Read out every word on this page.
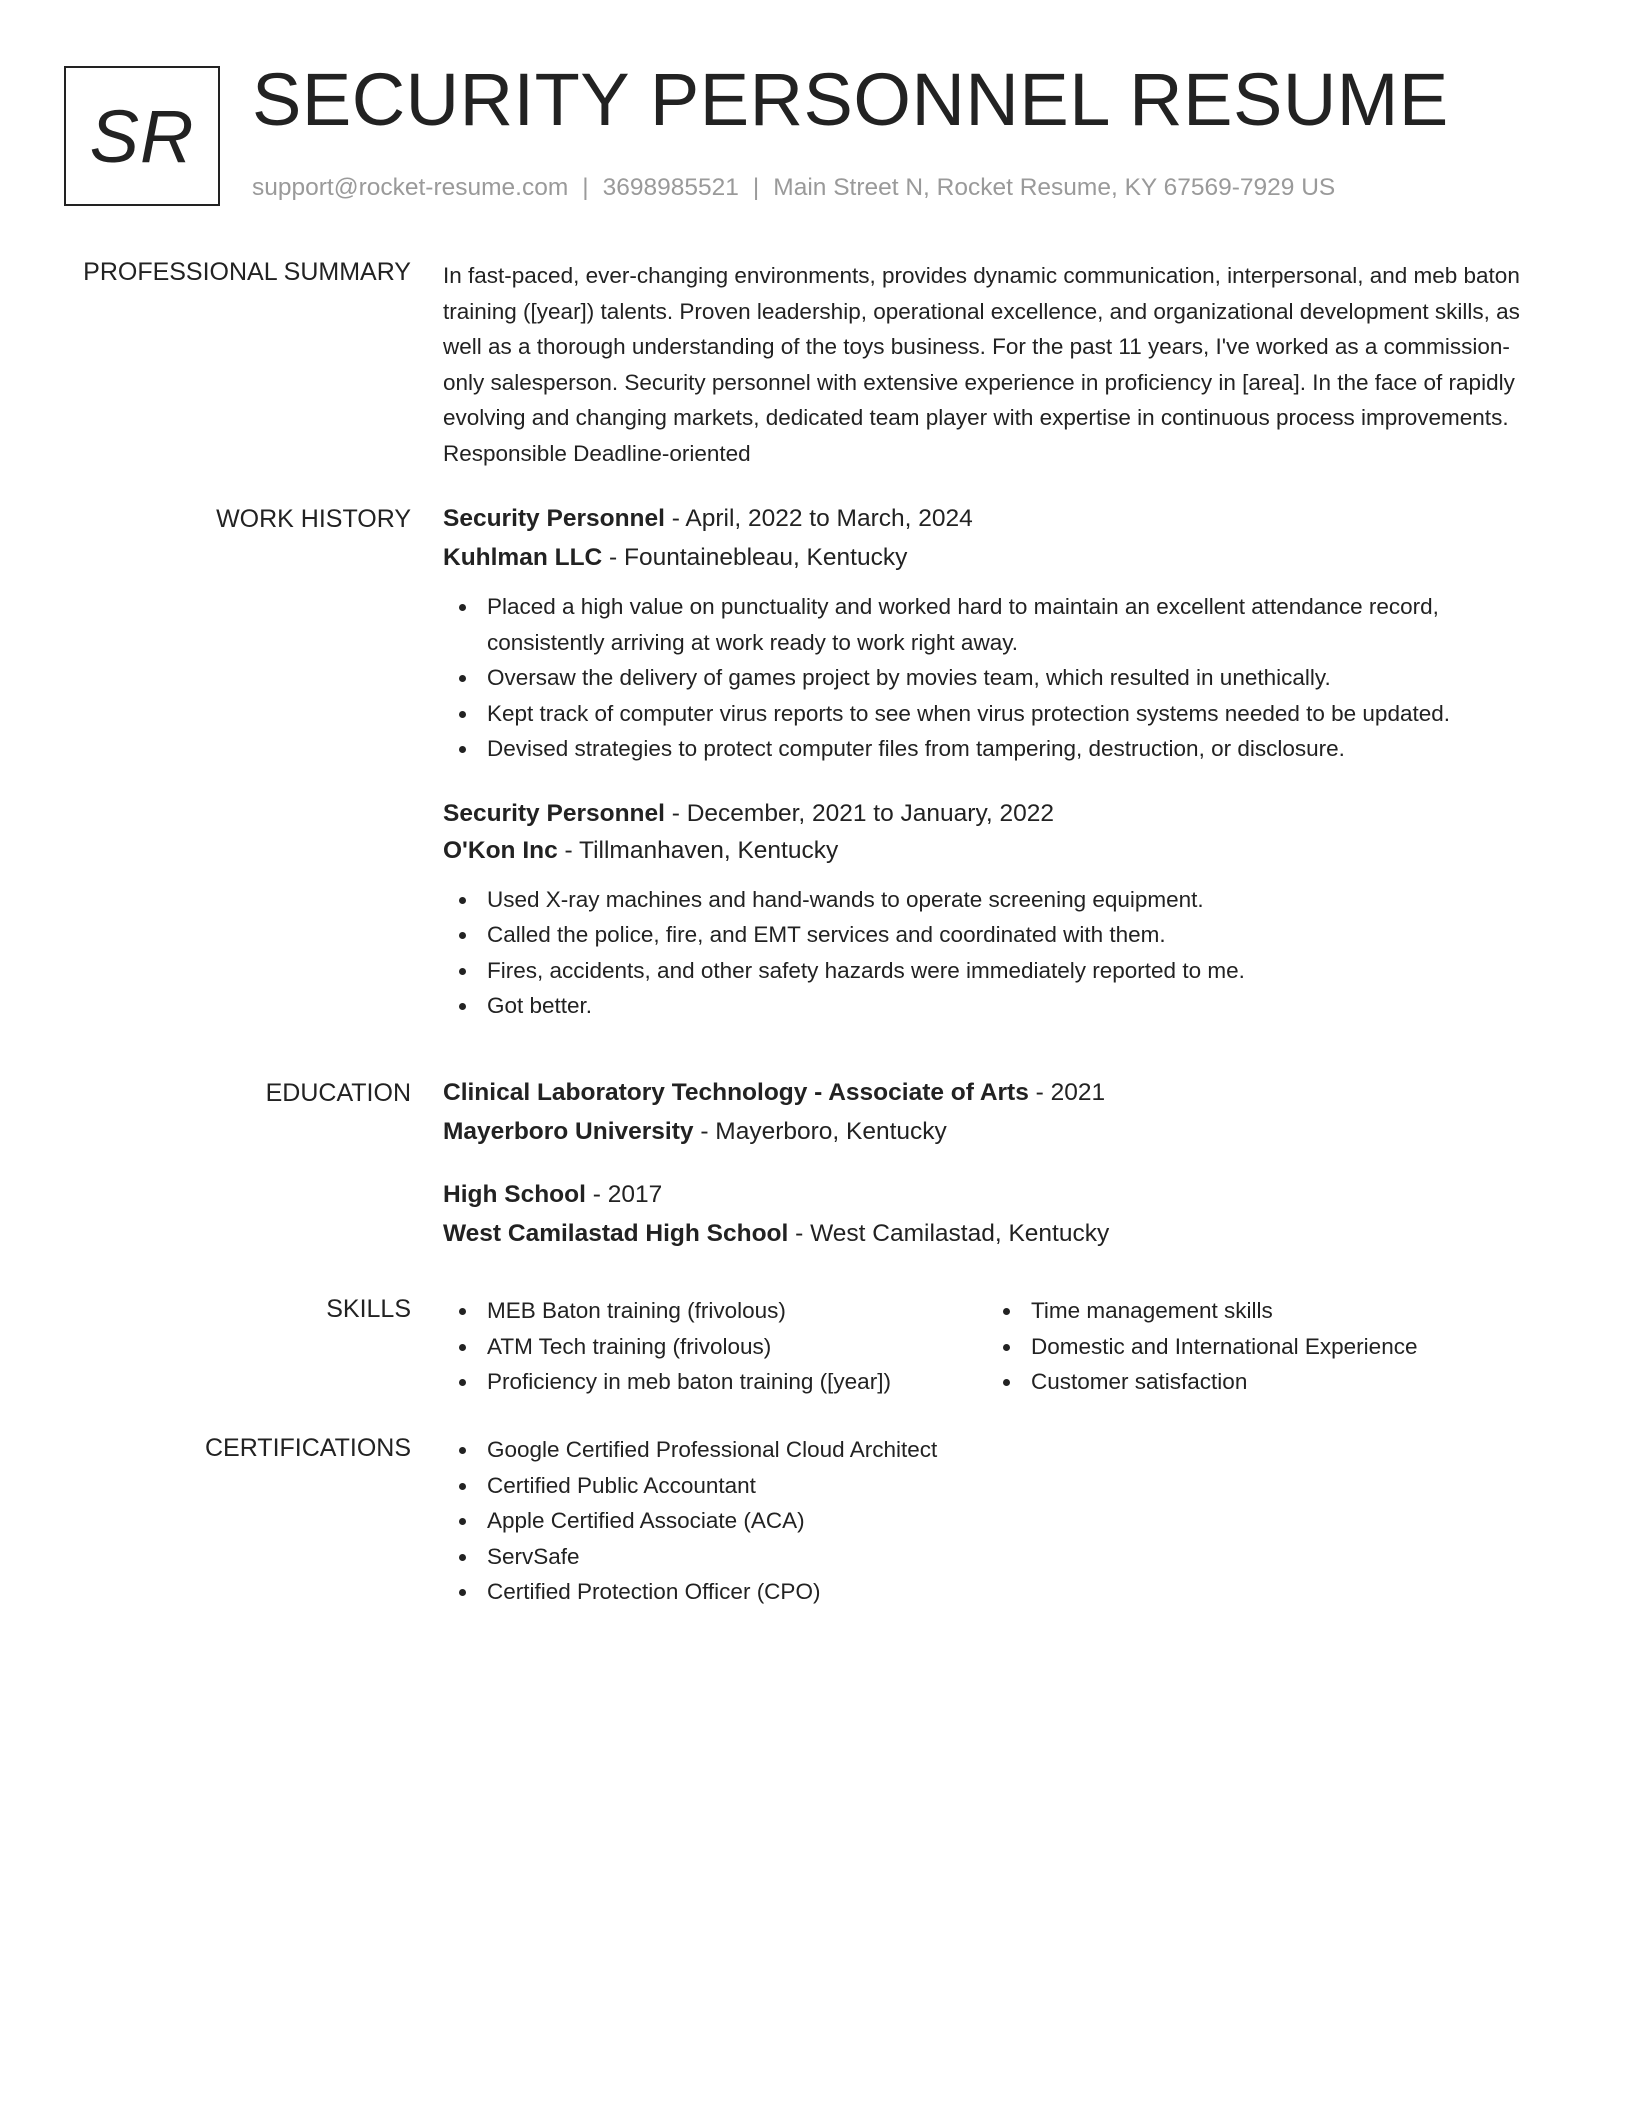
SR SECURITY PERSONNEL RESUME
support@rocket-resume.com | 3698985521 | Main Street N, Rocket Resume, KY 67569-7929 US
PROFESSIONAL SUMMARY In fast-paced, ever-changing environments, provides dynamic communication, interpersonal, and meb baton training ([year]) talents. Proven leadership, operational excellence, and organizational development skills, as well as a thorough understanding of the toys business. For the past 11 years, I've worked as a commission-only salesperson. Security personnel with extensive experience in proficiency in [area]. In the face of rapidly evolving and changing markets, dedicated team player with expertise in continuous process improvements. Responsible Deadline-oriented

WORK HISTORY Security Personnel - April, 2022 to March, 2024

Kuhlman LLC - Fountainebleau, Kentucky

Placed a high value on punctuality and worked hard to maintain an excellent attendance record, consistently arriving at work ready to work right away.
Oversaw the delivery of games project by movies team, which resulted in unethically.
Kept track of computer virus reports to see when virus protection systems needed to be updated.
Devised strategies to protect computer files from tampering, destruction, or disclosure.

Security Personnel - December, 2021 to January, 2022

O'Kon Inc - Tillmanhaven, Kentucky

Used X-ray machines and hand-wands to operate screening equipment.
Called the police, fire, and EMT services and coordinated with them.
Fires, accidents, and other safety hazards were immediately reported to me.
Got better.
EDUCATION Clinical Laboratory Technology - Associate of Arts - 2021

Mayerboro University - Mayerboro, Kentucky

High School - 2017

West Camilastad High School - West Camilastad, Kentucky

SKILLS	MEB Baton training (frivolous)
ATM Tech training (frivolous)
Proficiency in meb baton training ([year])
Time management skills
Domestic and International Experience
Customer satisfaction
CERTIFICATIONS	Google Certified Professional Cloud Architect
Certified Public Accountant
Apple Certified Associate (ACA)
ServSafe
Certified Protection Officer (CPO)
